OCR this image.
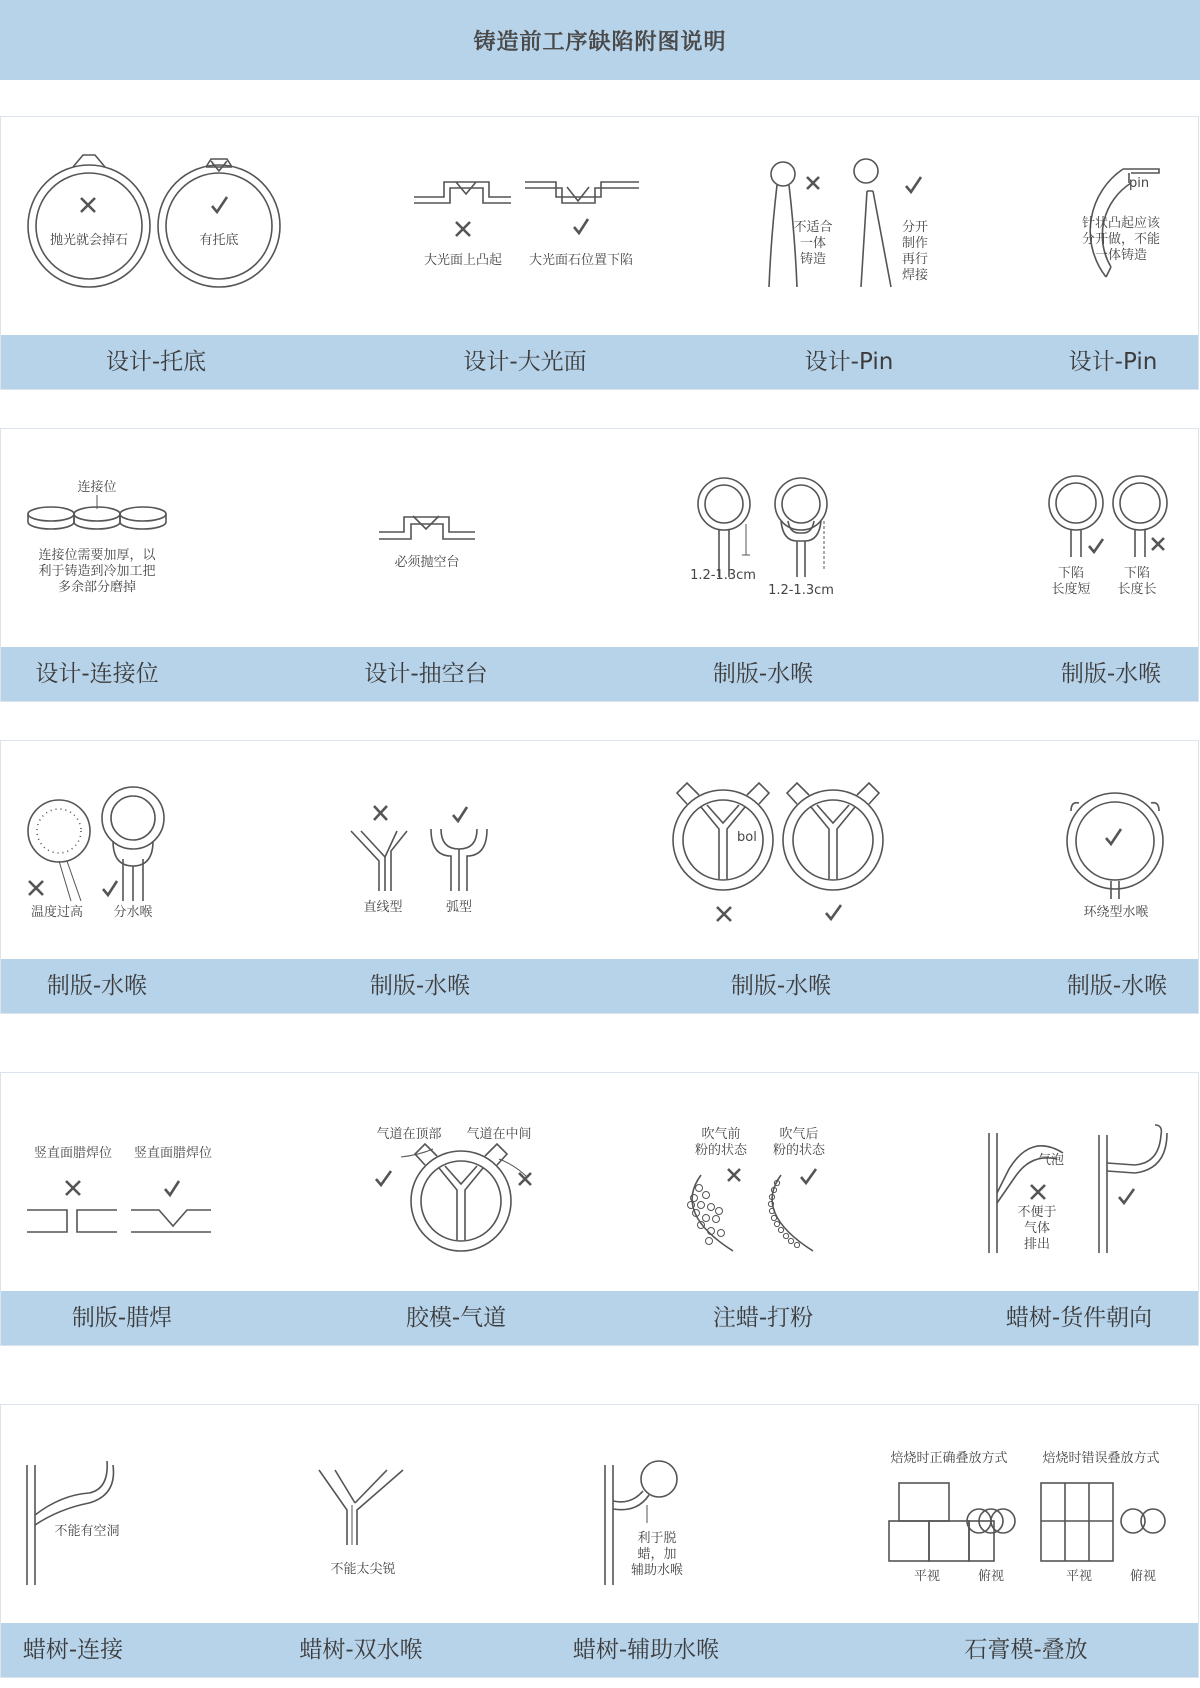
铸造前工序缺陷附图说明
抛光就会掉石	有托底
大光面上凸起 大光面石位置下陷
不适合
一体
铸造
分开
制作
再行
焊接
pin
针状凸起应该
分开做，不能
一体铸造
设计-托底	设计-大光面	设计-Pin	设计-Pin
连接位
连接位需要加厚，以
利于铸造到冷加工把
多余部分磨掉
必须抛空台
1.2-1.3cm
1.2-1.3cm
下陷
长度短
下陷
长度长
设计-连接位	设计-抽空台	制版-水喉	制版-水喉
温度过高 分水喉	直线型	弧型
bol
环绕型水喉
制版-水喉	制版-水喉	制版-水喉	制版-水喉
竖直面腊焊位 竖直面腊焊位
气道在顶部 气道在中间	吹气前
粉的状态
吹气后
粉的状态
气泡
不便于
气体
排出
制版-腊焊	胶模-气道	注蜡-打粉	蜡树-货件朝向
不能有空洞
不能太尖锐
利于脱
蜡，加
辅助水喉
焙烧时正确叠放方式
平视	俯视
焙烧时错误叠放方式
平视	俯视
蜡树-连接	蜡树-双水喉	蜡树-辅助水喉	石膏模-叠放
